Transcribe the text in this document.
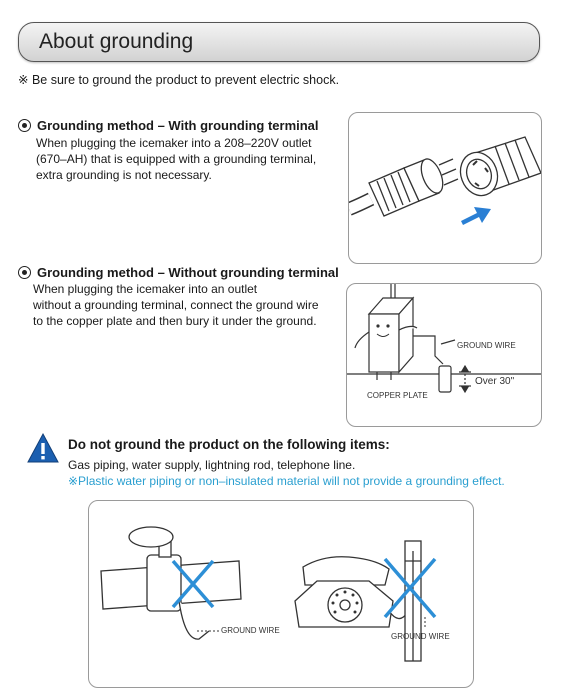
About grounding
※ Be sure to ground the product to prevent electric shock.
Grounding method – With grounding terminal
When plugging the icemaker into a 208–220V outlet
(670–AH) that is equipped with a grounding terminal,
extra grounding is not necessary.
Grounding method – Without grounding terminal
When plugging the icemaker into an outlet
without a grounding terminal, connect the ground wire
to the copper plate and then bury it under the ground.
GROUND WIRE
Over 30"
COPPER PLATE
Do not ground the product on the following items:
Gas piping, water supply, lightning rod, telephone line.
※Plastic water piping or non–insulated material will not provide a grounding effect.
GROUND WIRE
GROUND WIRE
